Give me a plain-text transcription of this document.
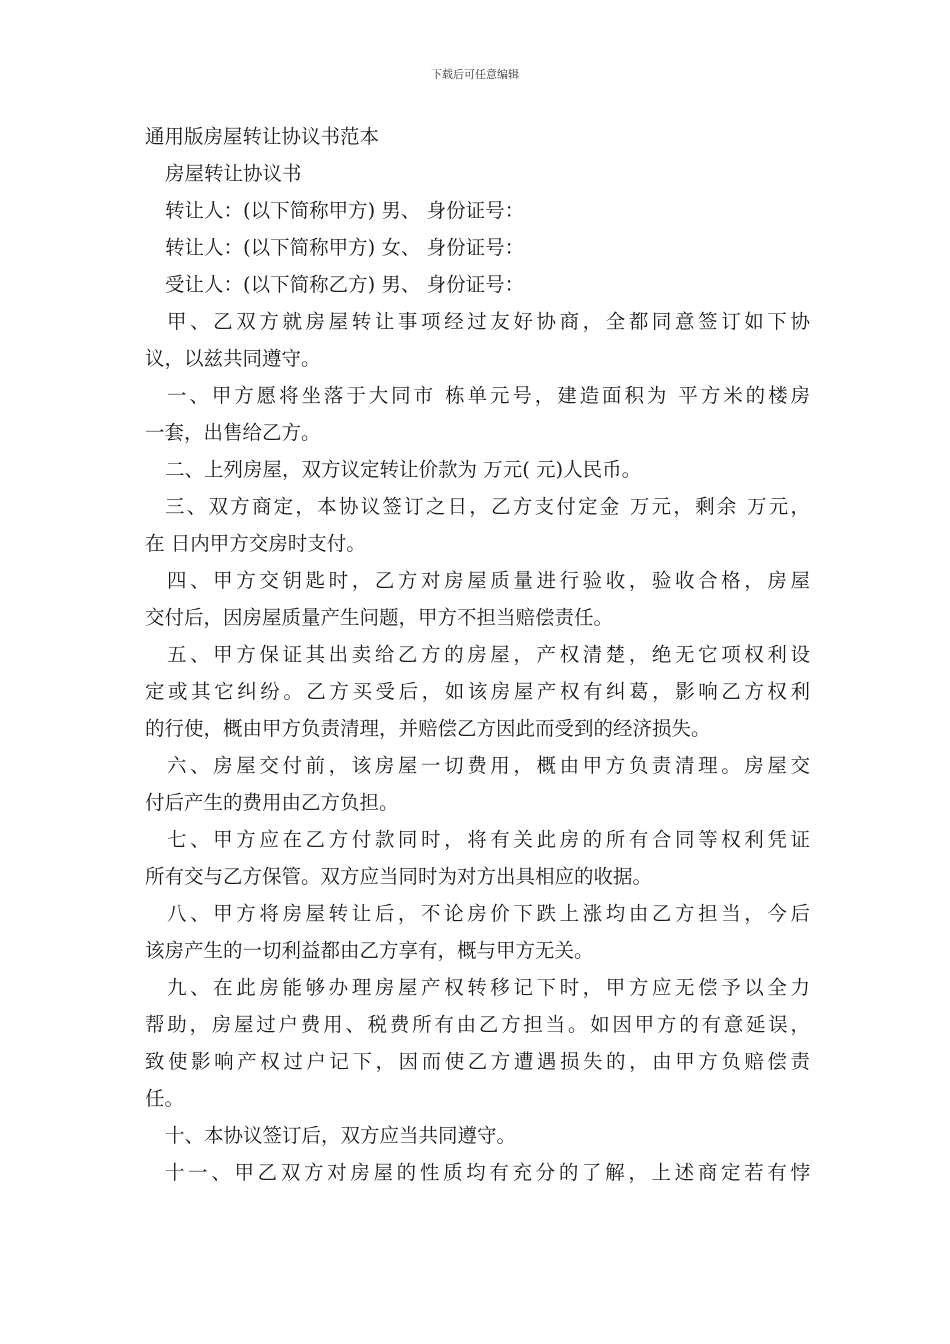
下载后可任意编辑
通用版房屋转让协议书范本
房屋转让协议书
转让人：(以下简称甲方) 男、 身份证号：
转让人：(以下简称甲方) 女、 身份证号：
受让人：(以下简称乙方) 男、 身份证号：
甲、乙双方就房屋转让事项经过友好协商，全都同意签订如下协
议，以兹共同遵守。
一、甲方愿将坐落于大同市 栋单元号，建造面积为 平方米的楼房
一套，出售给乙方。
二、上列房屋，双方议定转让价款为 万元( 元)人民币。
三、双方商定，本协议签订之日，乙方支付定金 万元，剩余 万元，
在 日内甲方交房时支付。
四、甲方交钥匙时，乙方对房屋质量进行验收，验收合格，房屋
交付后，因房屋质量产生问题，甲方不担当赔偿责任。
五、甲方保证其出卖给乙方的房屋，产权清楚，绝无它项权利设
定或其它纠纷。乙方买受后，如该房屋产权有纠葛，影响乙方权利
的行使，概由甲方负责清理，并赔偿乙方因此而受到的经济损失。
六、房屋交付前，该房屋一切费用，概由甲方负责清理。房屋交
付后产生的费用由乙方负担。
七、甲方应在乙方付款同时，将有关此房的所有合同等权利凭证
所有交与乙方保管。双方应当同时为对方出具相应的收据。
八、甲方将房屋转让后，不论房价下跌上涨均由乙方担当，今后
该房产生的一切利益都由乙方享有，概与甲方无关。
九、在此房能够办理房屋产权转移记下时，甲方应无偿予以全力
帮助，房屋过户费用、税费所有由乙方担当。如因甲方的有意延误，
致使影响产权过户记下，因而使乙方遭遇损失的，由甲方负赔偿责
任。
十、本协议签订后，双方应当共同遵守。
十一、甲乙双方对房屋的性质均有充分的了解，上述商定若有悖
